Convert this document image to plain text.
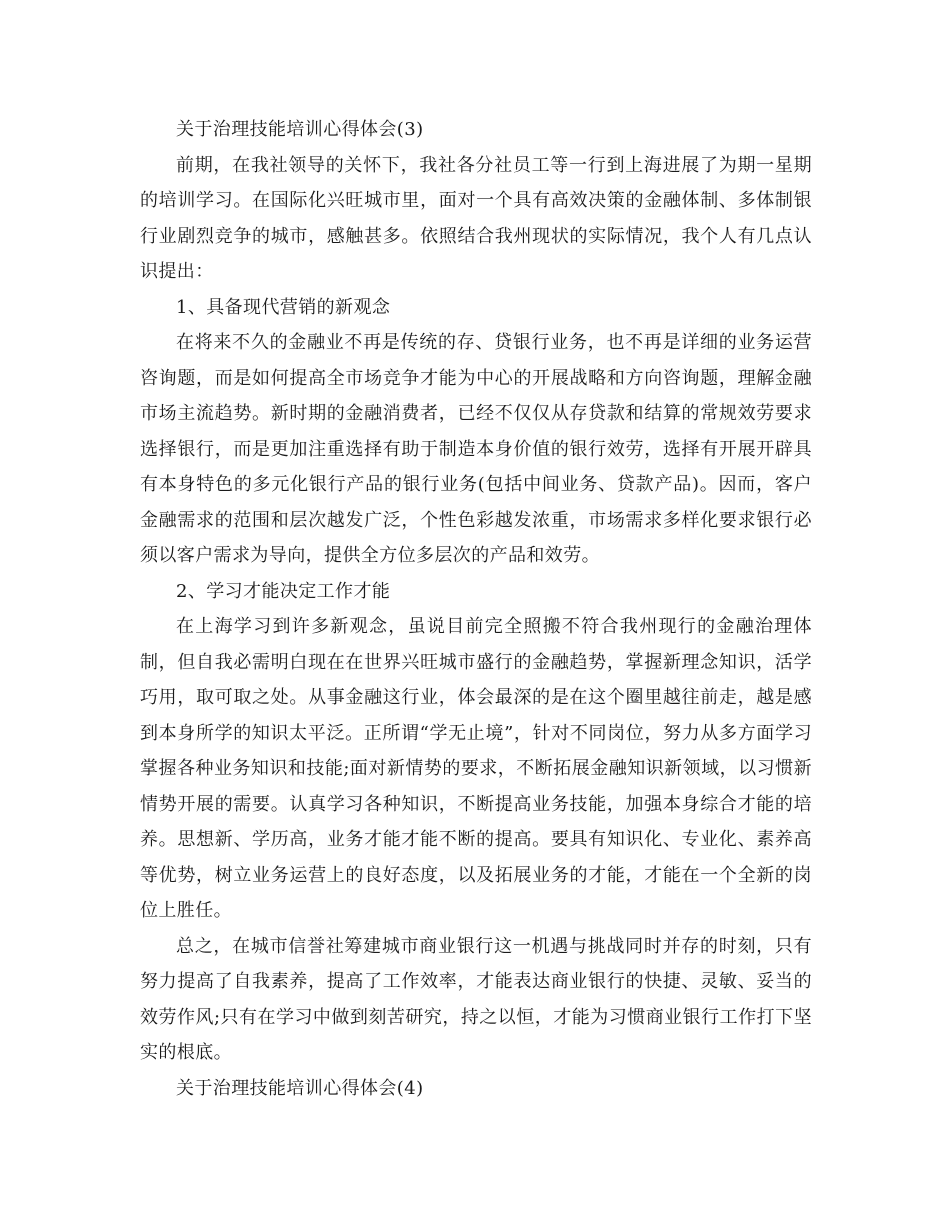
关于治理技能培训心得体会(3)

前期，在我社领导的关怀下，我社各分社员工等一行到上海进展了为期一星期的培训学习。在国际化兴旺城市里，面对一个具有高效决策的金融体制、多体制银行业剧烈竞争的城市，感触甚多。依照结合我州现状的实际情况，我个人有几点认识提出：

1、具备现代营销的新观念

在将来不久的金融业不再是传统的存、贷银行业务，也不再是详细的业务运营咨询题，而是如何提高全市场竞争才能为中心的开展战略和方向咨询题，理解金融市场主流趋势。新时期的金融消费者，已经不仅仅从存贷款和结算的常规效劳要求选择银行，而是更加注重选择有助于制造本身价值的银行效劳，选择有开展开辟具有本身特色的多元化银行产品的银行业务(包括中间业务、贷款产品)。因而，客户金融需求的范围和层次越发广泛，个性色彩越发浓重，市场需求多样化要求银行必须以客户需求为导向，提供全方位多层次的产品和效劳。

2、学习才能决定工作才能

在上海学习到许多新观念，虽说目前完全照搬不符合我州现行的金融治理体制，但自我必需明白现在在世界兴旺城市盛行的金融趋势，掌握新理念知识，活学巧用，取可取之处。从事金融这行业，体会最深的是在这个圈里越往前走，越是感到本身所学的知识太平泛。正所谓“学无止境”，针对不同岗位，努力从多方面学习掌握各种业务知识和技能;面对新情势的要求，不断拓展金融知识新领域，以习惯新情势开展的需要。认真学习各种知识，不断提高业务技能，加强本身综合才能的培养。思想新、学历高，业务才能才能不断的提高。要具有知识化、专业化、素养高等优势，树立业务运营上的良好态度，以及拓展业务的才能，才能在一个全新的岗位上胜任。

总之，在城市信誉社筹建城市商业银行这一机遇与挑战同时并存的时刻，只有努力提高了自我素养，提高了工作效率，才能表达商业银行的快捷、灵敏、妥当的效劳作风;只有在学习中做到刻苦研究，持之以恒，才能为习惯商业银行工作打下坚实的根底。

关于治理技能培训心得体会(4)
